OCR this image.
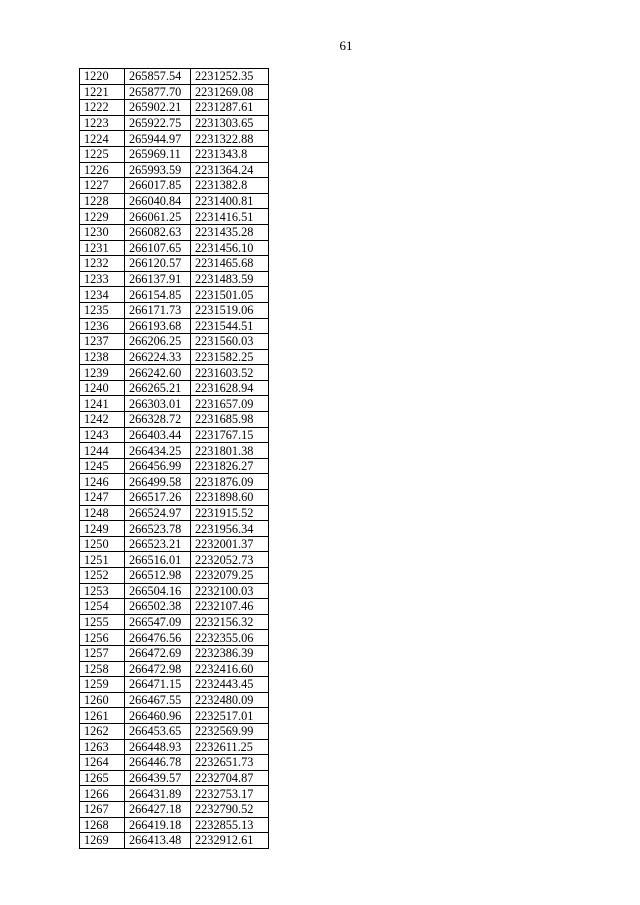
61
1220	265857.54	2231252.35
1221	265877.70	2231269.08
1222	265902.21	2231287.61
1223	265922.75	2231303.65
1224	265944.97	2231322.88
1225	265969.11	2231343.8
1226	265993.59	2231364.24
1227	266017.85	2231382.8
1228	266040.84	2231400.81
1229	266061.25	2231416.51
1230	266082.63	2231435.28
1231	266107.65	2231456.10
1232	266120.57	2231465.68
1233	266137.91	2231483.59
1234	266154.85	2231501.05
1235	266171.73	2231519.06
1236	266193.68	2231544.51
1237	266206.25	2231560.03
1238	266224.33	2231582.25
1239	266242.60	2231603.52
1240	266265.21	2231628.94
1241	266303.01	2231657.09
1242	266328.72	2231685.98
1243	266403.44	2231767.15
1244	266434.25	2231801.38
1245	266456.99	2231826.27
1246	266499.58	2231876.09
1247	266517.26	2231898.60
1248	266524.97	2231915.52
1249	266523.78	2231956.34
1250	266523.21	2232001.37
1251	266516.01	2232052.73
1252	266512.98	2232079.25
1253	266504.16	2232100.03
1254	266502.38	2232107.46
1255	266547.09	2232156.32
1256	266476.56	2232355.06
1257	266472.69	2232386.39
1258	266472.98	2232416.60
1259	266471.15	2232443.45
1260	266467.55	2232480.09
1261	266460.96	2232517.01
1262	266453.65	2232569.99
1263	266448.93	2232611.25
1264	266446.78	2232651.73
1265	266439.57	2232704.87
1266	266431.89	2232753.17
1267	266427.18	2232790.52
1268	266419.18	2232855.13
1269	266413.48	2232912.61
